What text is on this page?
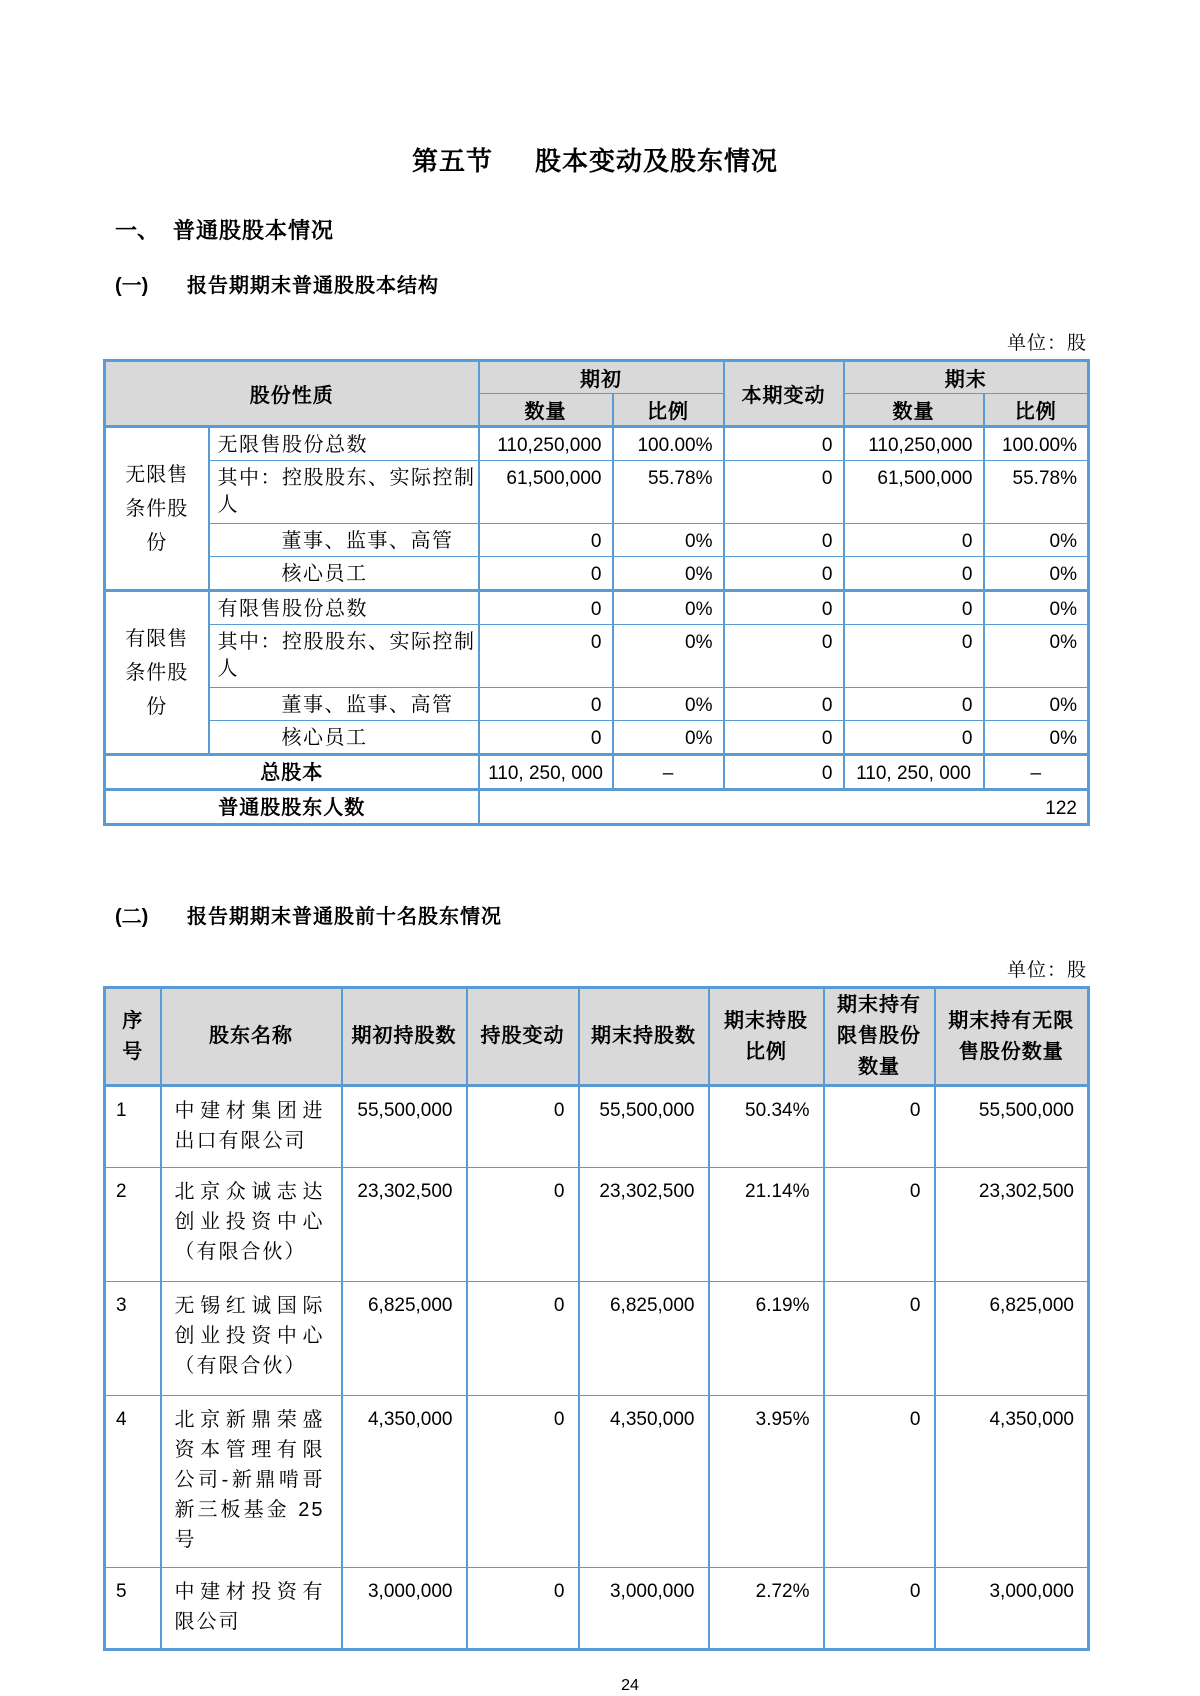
第五节 股本变动及股东情况
一、 普通股股本情况
(一) 报告期期末普通股股本结构
单位：股
股份性质		期初		本期变动	期末	
		数量	比例		数量	比例
无限售条件股份	无限售股份总数	110,250,000	100.00%	0	110,250,000	100.00%
	其中：控股股东、实际控制人	61,500,000	55.78%	0	61,500,000	55.78%
	董事、监事、高管	0	0%	0	0	0%
	核心员工	0	0%	0	0	0%
有限售条件股份	有限售股份总数	0	0%	0	0	0%
	其中：控股股东、实际控制人	0	0%	0	0	0%
	董事、监事、高管	0	0%	0	0	0%
	核心员工	0	0%	0	0	0%
总股本		110, 250, 000	–	0	110, 250, 000	–
普通股股东人数		122				
(二) 报告期期末普通股前十名股东情况
单位：股
序号	股东名称	期初持股数	持股变动	期末持股数	期末持股比例	期末持有限售股份数量	期末持有无限售股份数量
1	中建材集团进出口有限公司	55,500,000	0	55,500,000	50.34%	0	55,500,000
2	北京众诚志达创业投资中心（有限合伙）	23,302,500	0	23,302,500	21.14%	0	23,302,500
3	无锡红诚国际创业投资中心（有限合伙）	6,825,000	0	6,825,000	6.19%	0	6,825,000
4	北京新鼎荣盛资本管理有限公司-新鼎啃哥新三板基金 25 号	4,350,000	0	4,350,000	3.95%	0	4,350,000
5	中建材投资有限公司	3,000,000	0	3,000,000	2.72%	0	3,000,000
24
